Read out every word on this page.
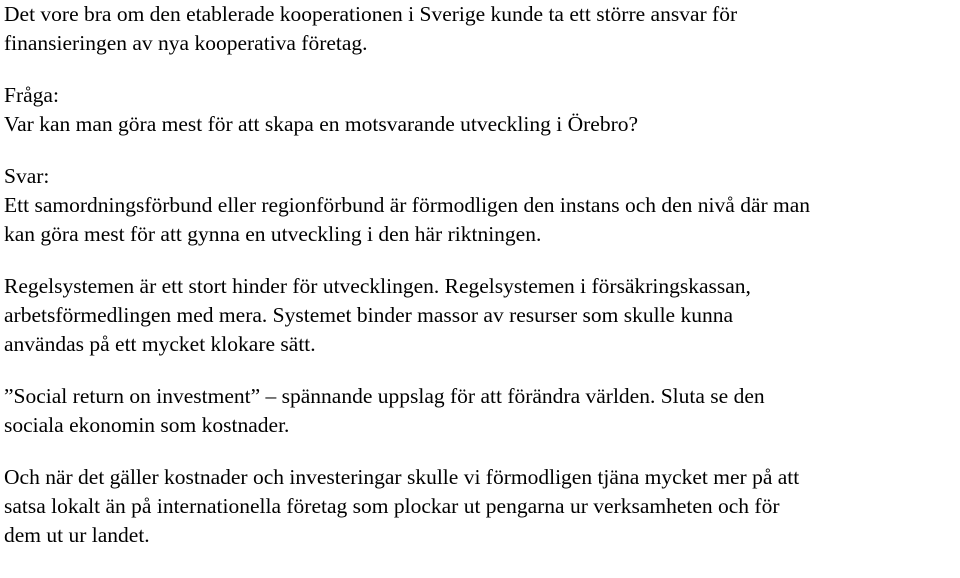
Det vore bra om den etablerade kooperationen i Sverige kunde ta ett större ansvar för
finansieringen av nya kooperativa företag.

Fråga:
Var kan man göra mest för att skapa en motsvarande utveckling i Örebro?

Svar:
Ett samordningsförbund eller regionförbund är förmodligen den instans och den nivå där man
kan göra mest för att gynna en utveckling i den här riktningen.

Regelsystemen är ett stort hinder för utvecklingen. Regelsystemen i försäkringskassan,
arbetsförmedlingen med mera. Systemet binder massor av resurser som skulle kunna
användas på ett mycket klokare sätt.

”Social return on investment” – spännande uppslag för att förändra världen. Sluta se den
sociala ekonomin som kostnader.

Och när det gäller kostnader och investeringar skulle vi förmodligen tjäna mycket mer på att
satsa lokalt än på internationella företag som plockar ut pengarna ur verksamheten och för
dem ut ur landet.
